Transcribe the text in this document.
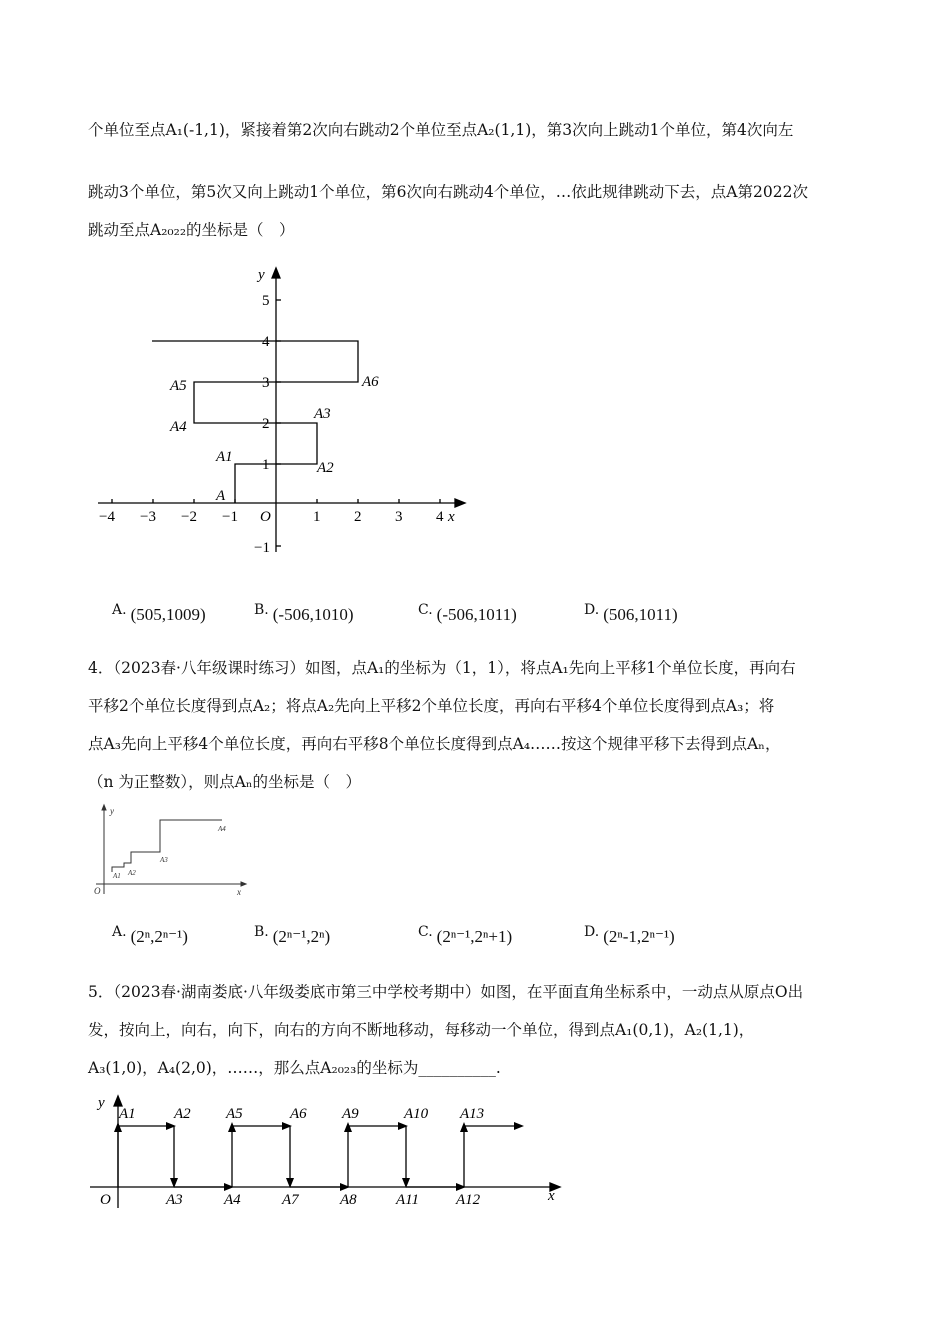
个单位至点A₁(-1,1)，紧接着第2次向右跳动2个单位至点A₂(1,1)，第3次向上跳动1个单位，第4次向左
跳动3个单位，第5次又向上跳动1个单位，第6次向右跳动4个单位，…依此规律跳动下去，点A第2022次
跳动至点A₂₀₂₂的坐标是（　）
y
x
O
−4 −3 −2 −1	1 2 3 4
5
4
3
2
1
−1
A
A1
A2
A3
A4
A5	A6
A. (505,1009)	B. (-506,1010)	C. (-506,1011)	D. (506,1011)
4．（2023春·八年级课时练习）如图，点A₁的坐标为（1，1），将点A₁先向上平移1个单位长度，再向右
平移2个单位长度得到点A₂；将点A₂先向上平移2个单位长度，再向右平移4个单位长度得到点A₃；将
点A₃先向上平移4个单位长度，再向右平移8个单位长度得到点A₄……按这个规律平移下去得到点Aₙ，
（n 为正整数），则点Aₙ的坐标是（　）
y
x
O
A1 A2
A3
A4
A. (2ⁿ,2ⁿ⁻¹)	B. (2ⁿ⁻¹,2ⁿ)	C. (2ⁿ⁻¹,2ⁿ+1)	D. (2ⁿ-1,2ⁿ⁻¹)
5．（2023春·湖南娄底·八年级娄底市第三中学校考期中）如图，在平面直角坐标系中，一动点从原点O出
发，按向上，向右，向下，向右的方向不断地移动，每移动一个单位，得到点A₁(0,1)，A₂(1,1)，
A₃(1,0)，A₄(2,0)，……，那么点A₂₀₂₃的坐标为__________.
y
x
O
A1	A2 A5	A6 A9	A10 A13
A3	A4	A7	A8	A11 A12
